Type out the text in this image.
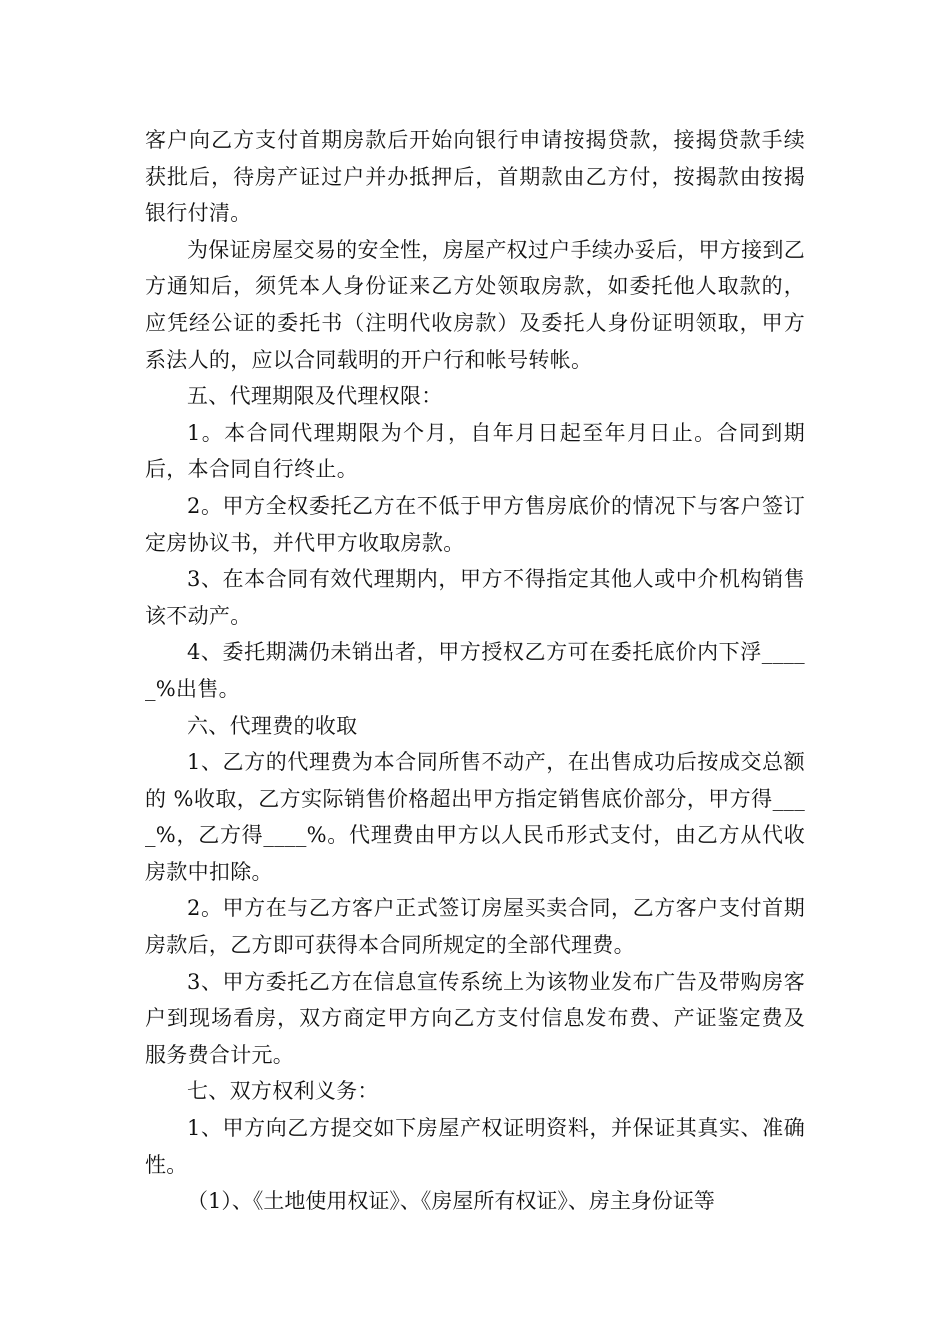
客户向乙方支付首期房款后开始向银行申请按揭贷款，接揭贷款手续获批后，待房产证过户并办抵押后，首期款由乙方付，按揭款由按揭银行付清。

为保证房屋交易的安全性，房屋产权过户手续办妥后，甲方接到乙方通知后，须凭本人身份证来乙方处领取房款，如委托他人取款的，应凭经公证的委托书（注明代收房款）及委托人身份证明领取，甲方系法人的，应以合同载明的开户行和帐号转帐。

五、代理期限及代理权限：

1。本合同代理期限为个月，自年月日起至年月日止。合同到期后，本合同自行终止。

2。甲方全权委托乙方在不低于甲方售房底价的情况下与客户签订定房协议书，并代甲方收取房款。

3、在本合同有效代理期内，甲方不得指定其他人或中介机构销售该不动产。

4、委托期满仍未销出者，甲方授权乙方可在委托底价内下浮_____%出售。

六、代理费的收取

1、乙方的代理费为本合同所售不动产，在出售成功后按成交总额的 %收取，乙方实际销售价格超出甲方指定销售底价部分，甲方得____%，乙方得____%。代理费由甲方以人民币形式支付，由乙方从代收房款中扣除。

2。甲方在与乙方客户正式签订房屋买卖合同，乙方客户支付首期房款后，乙方即可获得本合同所规定的全部代理费。

3、甲方委托乙方在信息宣传系统上为该物业发布广告及带购房客户到现场看房，双方商定甲方向乙方支付信息发布费、产证鉴定费及服务费合计元。

七、双方权利义务：

1、甲方向乙方提交如下房屋产权证明资料，并保证其真实、准确性。

（1）、《土地使用权证》、《房屋所有权证》、房主身份证等
